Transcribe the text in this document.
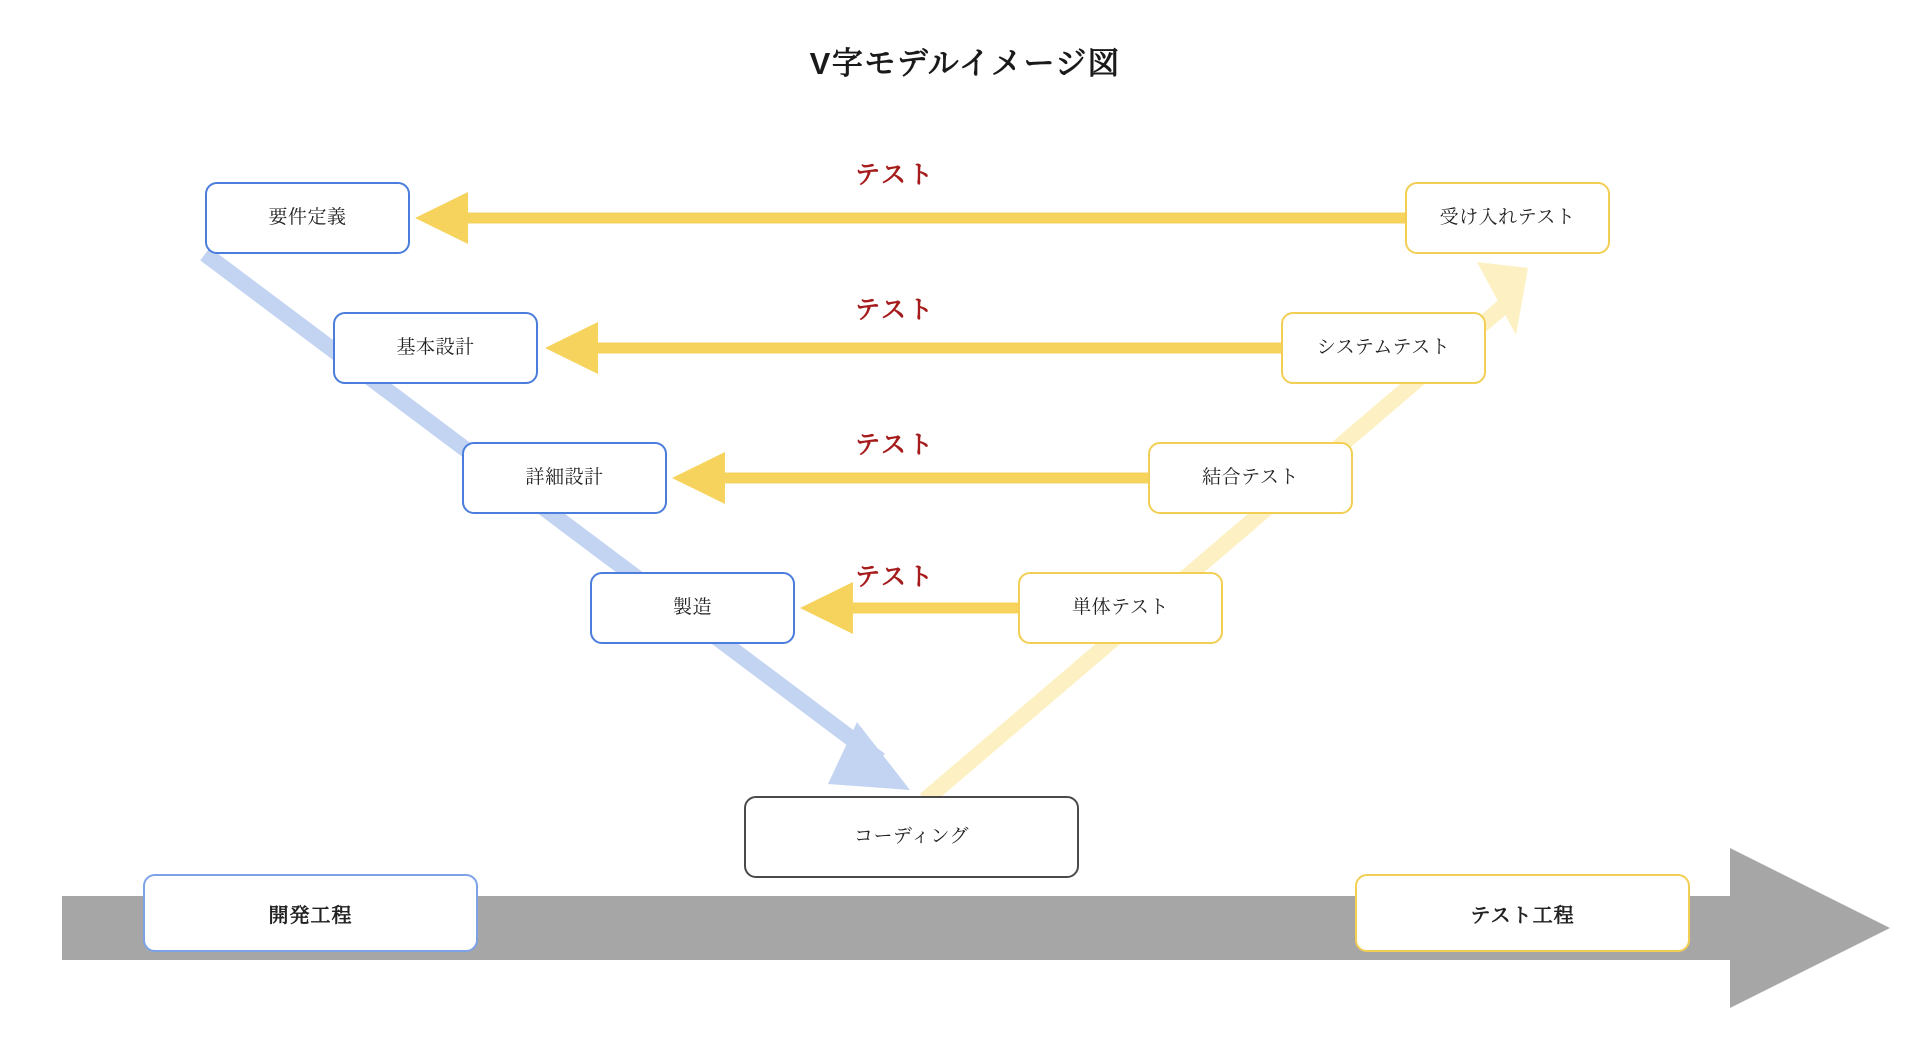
V字モデルイメージ図
要件定義
基本設計
詳細設計
製造
コーディング
受け入れテスト
システムテスト
結合テスト
単体テスト
テスト
テスト
テスト
テスト
開発工程	テスト工程
